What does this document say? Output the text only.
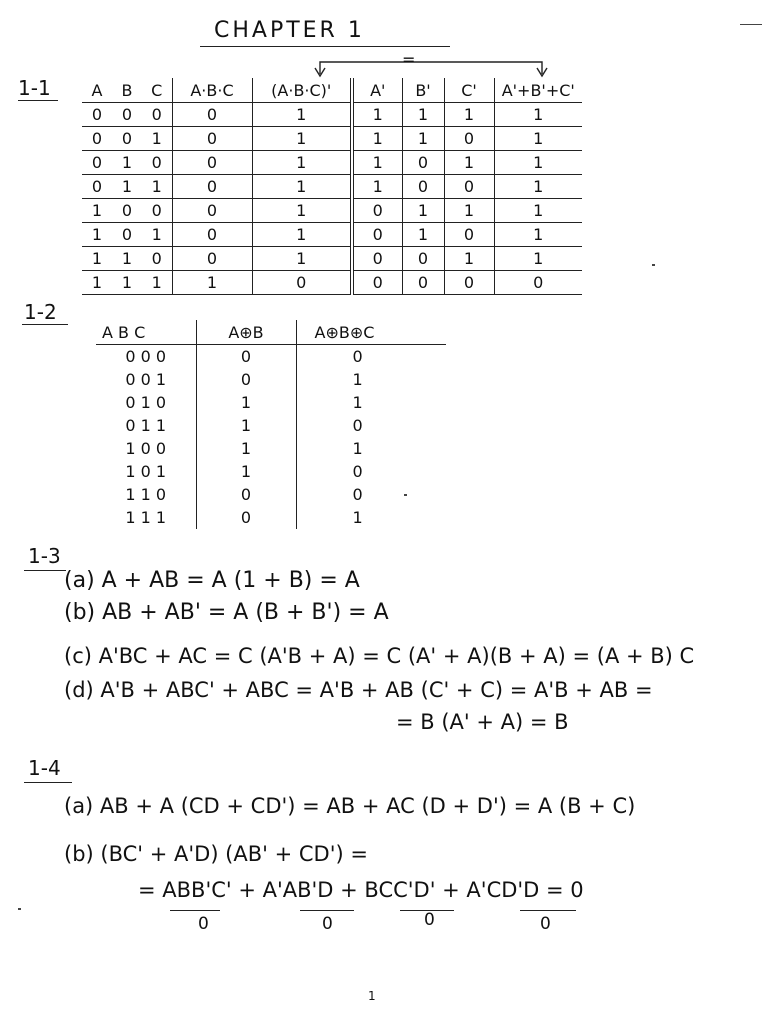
CHAPTER 1
1-1
=
A	B	C	A·B·C	(A·B·C)'	A'	B'	C'	A'+B'+C'
0	0	0	0	1	1	1	1	1
0	0	1	0	1	1	1	0	1
0	1	0	0	1	1	0	1	1
0	1	1	0	1	1	0	0	1
1	0	0	0	1	0	1	1	1
1	0	1	0	1	0	1	0	1
1	1	0	0	1	0	0	1	1
1	1	1	1	0	0	0	0	0
1-2
A B C	A⊕B	A⊕B⊕C
0 0 0	0	0
0 0 1	0	1
0 1 0	1	1
0 1 1	1	0
1 0 0	1	1
1 0 1	1	0
1 1 0	0	0
1 1 1	0	1
1-3
(a) A + AB = A (1 + B) = A
(b) AB + AB' = A (B + B') = A
(c) A'BC + AC = C (A'B + A) = C (A' + A)(B + A) = (A + B) C
(d) A'B + ABC' + ABC = A'B + AB (C' + C) = A'B + AB =
= B (A' + A) = B
1-4
(a) AB + A (CD + CD') = AB + AC (D + D') = A (B + C)
(b) (BC' + A'D) (AB' + CD') =
= ABB'C' + A'AB'D + BCC'D' + A'CD'D = 0
0	0	0	0
1
